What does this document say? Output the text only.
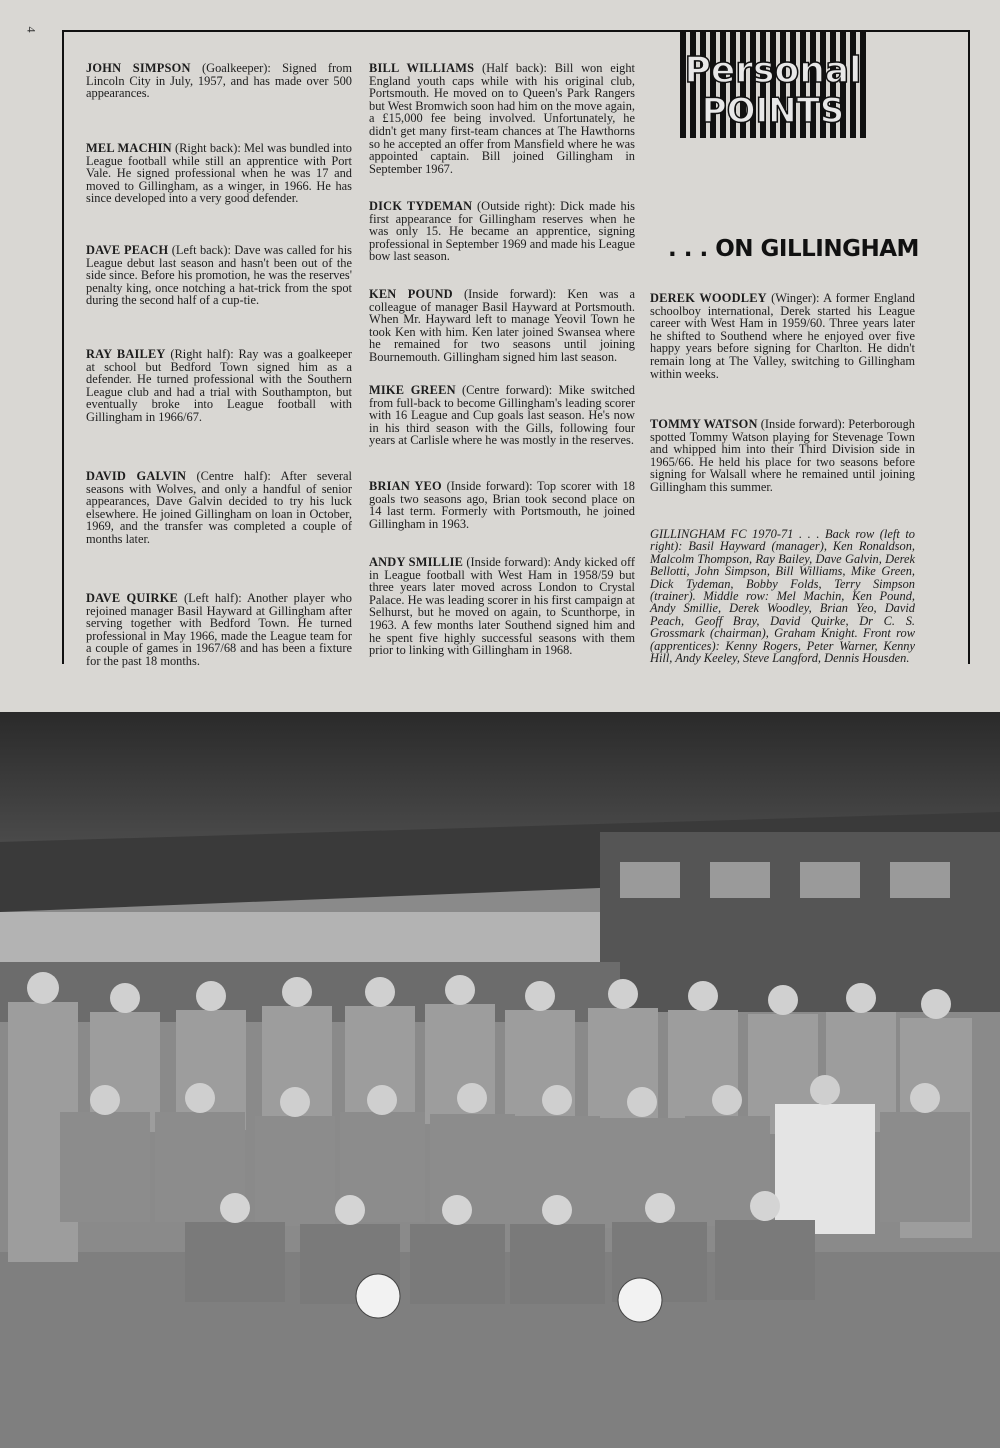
4
JOHN SIMPSON (Goalkeeper): Signed from Lincoln City in July, 1957, and has made over 500 appearances.
MEL MACHIN (Right back): Mel was bundled into League football while still an apprentice with Port Vale. He signed professional when he was 17 and moved to Gillingham, as a winger, in 1966. He has since developed into a very good defender.
DAVE PEACH (Left back): Dave was called for his League debut last season and hasn't been out of the side since. Before his promotion, he was the reserves' penalty king, once notching a hat-trick from the spot during the second half of a cup-tie.
RAY BAILEY (Right half): Ray was a goalkeeper at school but Bedford Town signed him as a defender. He turned professional with the Southern League club and had a trial with Southampton, but eventually broke into League football with Gillingham in 1966/67.
DAVID GALVIN (Centre half): After several seasons with Wolves, and only a handful of senior appearances, Dave Galvin decided to try his luck elsewhere. He joined Gillingham on loan in October, 1969, and the transfer was completed a couple of months later.
DAVE QUIRKE (Left half): Another player who rejoined manager Basil Hayward at Gillingham after serving together with Bedford Town. He turned professional in May 1966, made the League team for a couple of games in 1967/68 and has been a fixture for the past 18 months.
BILL WILLIAMS (Half back): Bill won eight England youth caps while with his original club, Portsmouth. He moved on to Queen's Park Rangers but West Bromwich soon had him on the move again, a £15,000 fee being involved. Unfortunately, he didn't get many first-team chances at The Hawthorns so he accepted an offer from Mansfield where he was appointed captain. Bill joined Gillingham in September 1967.
DICK TYDEMAN (Outside right): Dick made his first appearance for Gillingham reserves when he was only 15. He became an apprentice, signing professional in September 1969 and made his League bow last season.
KEN POUND (Inside forward): Ken was a colleague of manager Basil Hayward at Portsmouth. When Mr. Hayward left to manage Yeovil Town he took Ken with him. Ken later joined Swansea where he remained for two seasons until joining Bournemouth. Gillingham signed him last season.
MIKE GREEN (Centre forward): Mike switched from full-back to become Gillingham's leading scorer with 16 League and Cup goals last season. He's now in his third season with the Gills, following four years at Carlisle where he was mostly in the reserves.
BRIAN YEO (Inside forward): Top scorer with 18 goals two seasons ago, Brian took second place on 14 last term. Formerly with Portsmouth, he joined Gillingham in 1963.
ANDY SMILLIE (Inside forward): Andy kicked off in League football with West Ham in 1958/59 but three years later moved across London to Crystal Palace. He was leading scorer in his first campaign at Selhurst, but he moved on again, to Scunthorpe, in 1963. A few months later Southend signed him and he spent five highly successful seasons with them prior to linking with Gillingham in 1968.
Personal
POINTS
. . . ON GILLINGHAM
DEREK WOODLEY (Winger): A former England schoolboy international, Derek started his League career with West Ham in 1959/60. Three years later he shifted to Southend where he enjoyed over five happy years before signing for Charlton. He didn't remain long at The Valley, switching to Gillingham within weeks.
TOMMY WATSON (Inside forward): Peterborough spotted Tommy Watson playing for Stevenage Town and whipped him into their Third Division side in 1965/66. He held his place for two seasons before signing for Walsall where he remained until joining Gillingham this summer.
GILLINGHAM FC 1970-71 . . . Back row (left to right): Basil Hayward (manager), Ken Ronaldson, Malcolm Thompson, Ray Bailey, Dave Galvin, Derek Bellotti, John Simpson, Bill Williams, Mike Green, Dick Tydeman, Bobby Folds, Terry Simpson (trainer). Middle row: Mel Machin, Ken Pound, Andy Smillie, Derek Woodley, Brian Yeo, David Peach, Geoff Bray, David Quirke, Dr C. S. Grossmark (chairman), Graham Knight. Front row (apprentices): Kenny Rogers, Peter Warner, Kenny Hill, Andy Keeley, Steve Langford, Dennis Housden.
